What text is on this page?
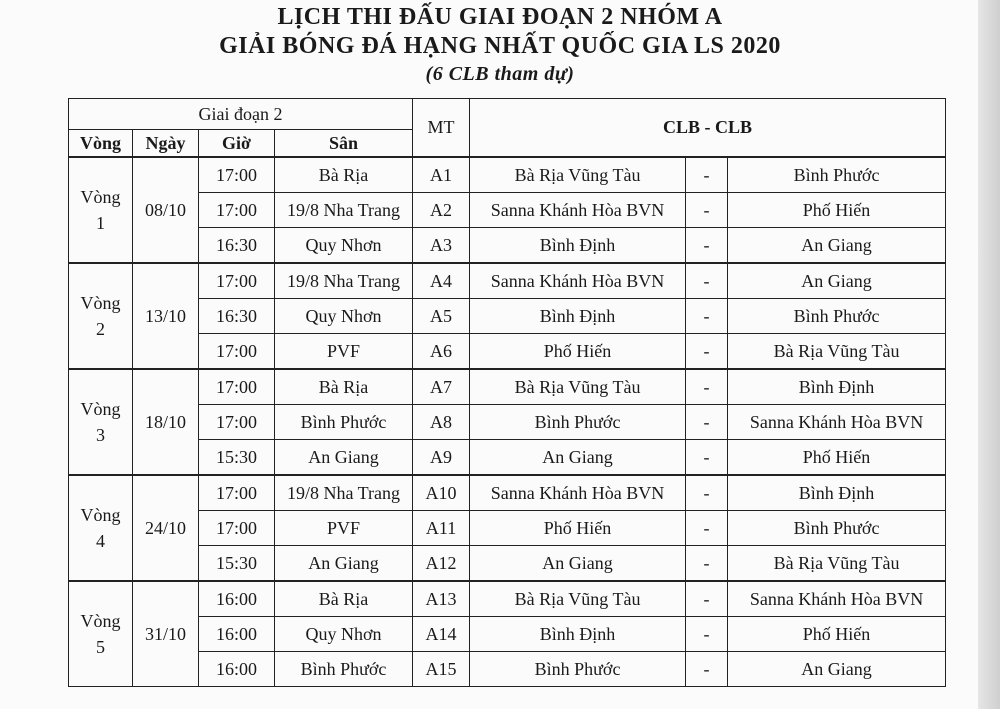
LỊCH THI ĐẤU GIAI ĐOẠN 2 NHÓM A
GIẢI BÓNG ĐÁ HẠNG NHẤT QUỐC GIA LS 2020
(6 CLB tham dự)
Giai đoạn 2				MT	CLB - CLB		
Vòng	Ngày	Giờ	Sân				
Vòng
1	08/10	17:00	Bà Rịa	A1	Bà Rịa Vũng Tàu	-	Bình Phước
		17:00	19/8 Nha Trang	A2	Sanna Khánh Hòa BVN	-	Phố Hiến
		16:30	Quy Nhơn	A3	Bình Định	-	An Giang
Vòng
2	13/10	17:00	19/8 Nha Trang	A4	Sanna Khánh Hòa BVN	-	An Giang
		16:30	Quy Nhơn	A5	Bình Định	-	Bình Phước
		17:00	PVF	A6	Phố Hiến	-	Bà Rịa Vũng Tàu
Vòng
3	18/10	17:00	Bà Rịa	A7	Bà Rịa Vũng Tàu	-	Bình Định
		17:00	Bình Phước	A8	Bình Phước	-	Sanna Khánh Hòa BVN
		15:30	An Giang	A9	An Giang	-	Phố Hiến
Vòng
4	24/10	17:00	19/8 Nha Trang	A10	Sanna Khánh Hòa BVN	-	Bình Định
		17:00	PVF	A11	Phố Hiến	-	Bình Phước
		15:30	An Giang	A12	An Giang	-	Bà Rịa Vũng Tàu
Vòng
5	31/10	16:00	Bà Rịa	A13	Bà Rịa Vũng Tàu	-	Sanna Khánh Hòa BVN
		16:00	Quy Nhơn	A14	Bình Định	-	Phố Hiến
		16:00	Bình Phước	A15	Bình Phước	-	An Giang
